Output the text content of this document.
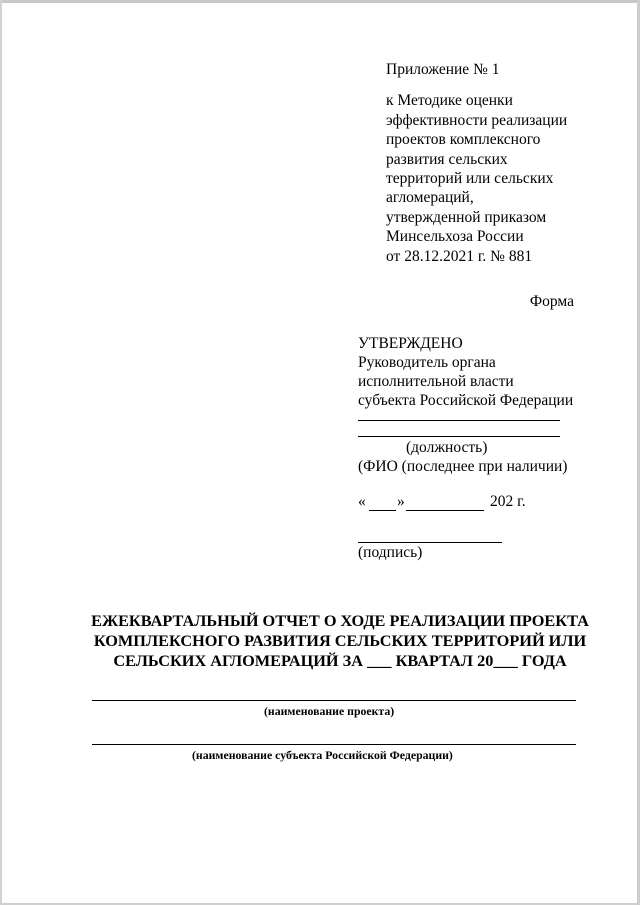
Приложение № 1
к Методике оценки
эффективности реализации
проектов комплексного
развития сельских
территорий или сельских
агломераций,
утвержденной приказом
Минсельхоза России
от 28.12.2021 г. № 881
Форма
УТВЕРЖДЕНО
Руководитель органа
исполнительной власти
субъекта Российской Федерации
(должность)
(ФИО (последнее при наличии)
« »	202 г.
(подпись)
ЕЖЕКВАРТАЛЬНЫЙ ОТЧЕТ О ХОДЕ РЕАЛИЗАЦИИ ПРОЕКТА
КОМПЛЕКСНОГО РАЗВИТИЯ СЕЛЬСКИХ ТЕРРИТОРИЙ ИЛИ
СЕЛЬСКИХ АГЛОМЕРАЦИЙ ЗА ___ КВАРТАЛ 20___ ГОДА
(наименование проекта)
(наименование субъекта Российской Федерации)
